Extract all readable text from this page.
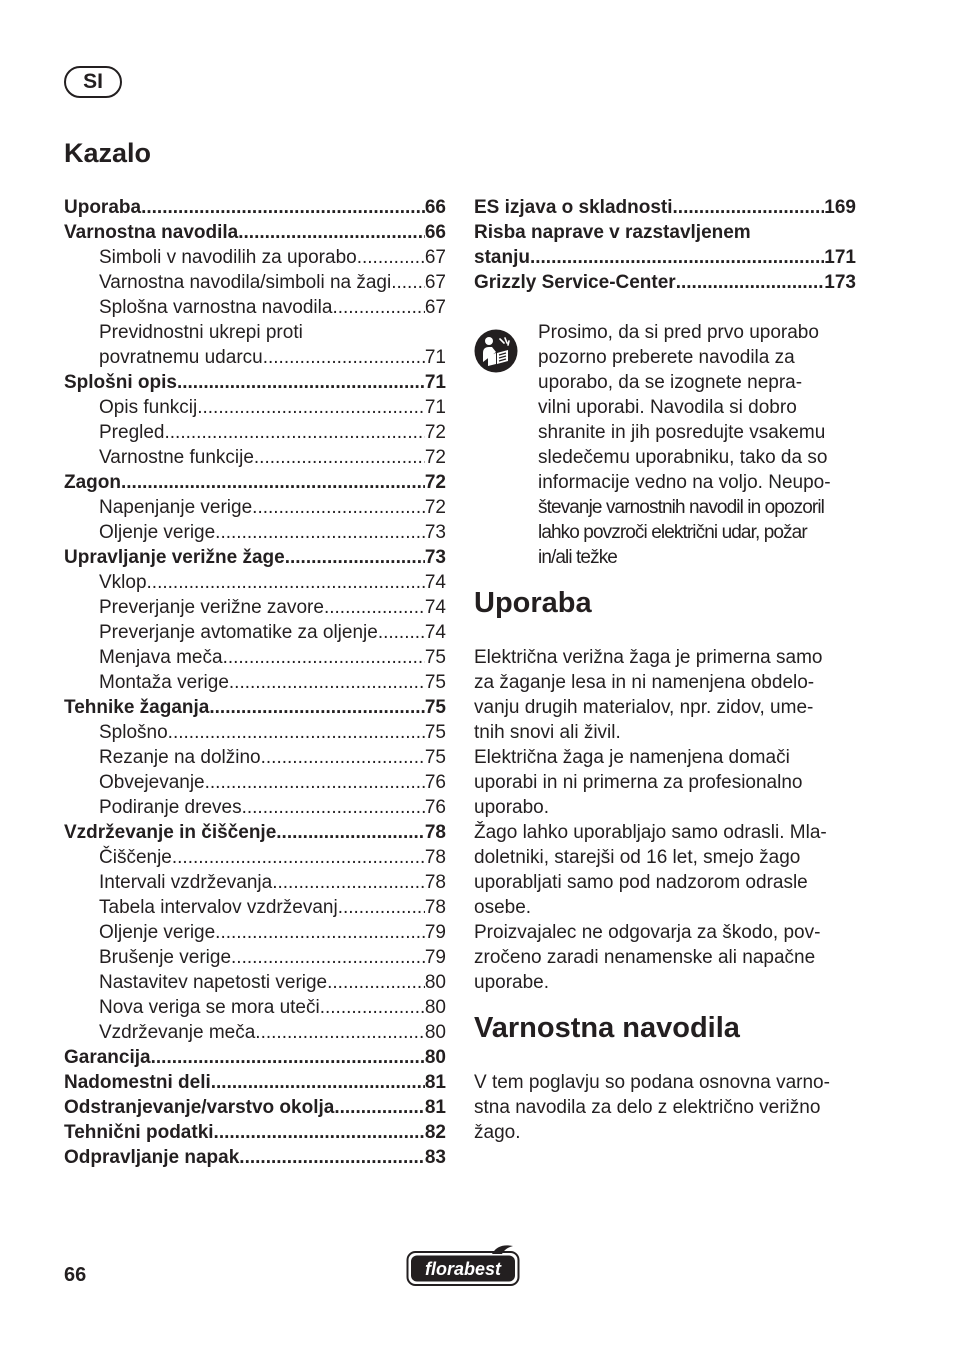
SI
Kazalo
Uporaba .....	66
Varnostna navodila .....	66
Simboli v navodilih za uporabo .....	67
Varnostna navodila/simboli na žagi ..... 67
Splošna varnostna navodila .....	67
Previdnostni ukrepi proti
povratnemu udarcu .....	71
Splošni opis .....	71
Opis funkcij .....	71
Pregled .....	72
Varnostne funkcije .....	72
Zagon .....	72
Napenjanje verige .....	72
Oljenje verige .....	73
Upravljanje verižne žage .....	73
Vklop .....	74
Preverjanje verižne zavore .....	74
Preverjanje avtomatike za oljenje ..... 74
Menjava meča .....	75
Montaža verige .....	75
Tehnike žaganja .....	75
Splošno .....	75
Rezanje na dolžino .....	75
Obvejevanje .....	76
Podiranje dreves .....	76
Vzdrževanje in čiščenje .....	78
Čiščenje .....	78
Intervali vzdrževanja .....	78
Tabela intervalov vzdrževanj .....	78
Oljenje verige .....	79
Brušenje verige .....	79
Nastavitev napetosti verige .....	80
Nova veriga se mora uteči .....	80
Vzdrževanje meča .....	80
Garancija .....	80
Nadomestni deli .....	81
Odstranjevanje/varstvo okolja .....	81
Tehnični podatki .....	82
Odpravljanje napak .....	83
ES izjava o skladnosti .....	169
Risba naprave v razstavljenem
stanju .....	171
Grizzly Service-Center .....	173
Prosimo, da si pred prvo uporabo
pozorno preberete navodila za
uporabo, da se izognete nepra-
vilni uporabi. Navodila si dobro
shranite in jih posredujte vsakemu
sledečemu uporabniku, tako da so
informacije vedno na voljo. Neupo-
števanje varnostnih navodil in opozoril
lahko povzroči električni udar, požar
in/ali težke
Uporaba
Električna verižna žaga je primerna samo
za žaganje lesa in ni namenjena obdelo-
vanju drugih materialov, npr. zidov, ume-
tnih snovi ali živil.
Električna žaga je namenjena domači
uporabi in ni primerna za profesionalno
uporabo.
Žago lahko uporabljajo samo odrasli. Mla-
doletniki, starejši od 16 let, smejo žago
uporabljati samo pod nadzorom odrasle
osebe.
Proizvajalec ne odgovarja za škodo, pov-
zročeno zaradi nenamenske ali napačne
uporabe.
Varnostna navodila
V tem poglavju so podana osnovna varno-
stna navodila za delo z električno verižno
žago.
66	florabest
